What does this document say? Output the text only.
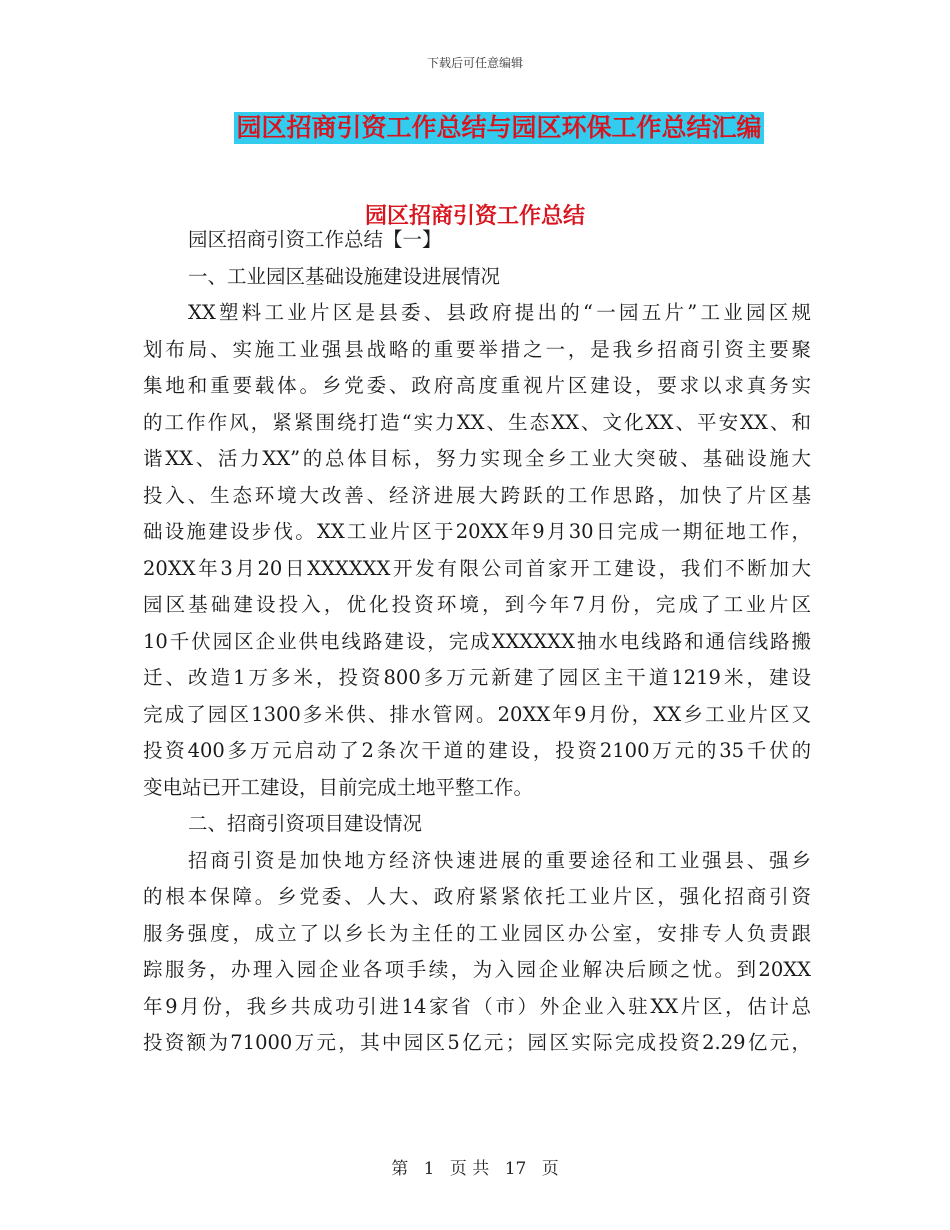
下载后可任意编辑
园区招商引资工作总结与园区环保工作总结汇编
园区招商引资工作总结

园区招商引资工作总结【一】

一、工业园区基础设施建设进展情况

XX塑料工业片区是县委、县政府提出的“一园五片”工业园区规
划布局、实施工业强县战略的重要举措之一，是我乡招商引资主要聚
集地和重要载体。乡党委、政府高度重视片区建设，要求以求真务实
的工作作风，紧紧围绕打造“实力XX、生态XX、文化XX、平安XX、和
谐XX、活力XX”的总体目标，努力实现全乡工业大突破、基础设施大
投入、生态环境大改善、经济进展大跨跃的工作思路，加快了片区基
础设施建设步伐。XX工业片区于20XX年9月30日完成一期征地工作，
20XX年3月20日XXXXXX开发有限公司首家开工建设，我们不断加大
园区基础建设投入，优化投资环境，到今年7月份，完成了工业片区
10千伏园区企业供电线路建设，完成XXXXXX抽水电线路和通信线路搬
迁、改造1万多米，投资800多万元新建了园区主干道1219米，建设
完成了园区1300多米供、排水管网。20XX年9月份，XX乡工业片区又
投资400多万元启动了2条次干道的建设，投资2100万元的35千伏的
变电站已开工建设，目前完成土地平整工作。

二、招商引资项目建设情况

招商引资是加快地方经济快速进展的重要途径和工业强县、强乡
的根本保障。乡党委、人大、政府紧紧依托工业片区，强化招商引资
服务强度，成立了以乡长为主任的工业园区办公室，安排专人负责跟
踪服务，办理入园企业各项手续，为入园企业解决后顾之忧。到20XX
年9月份，我乡共成功引进14家省（市）外企业入驻XX片区，估计总
投资额为71000万元，其中园区5亿元；园区实际完成投资2.29亿元，

第 1 页 共 17 页
